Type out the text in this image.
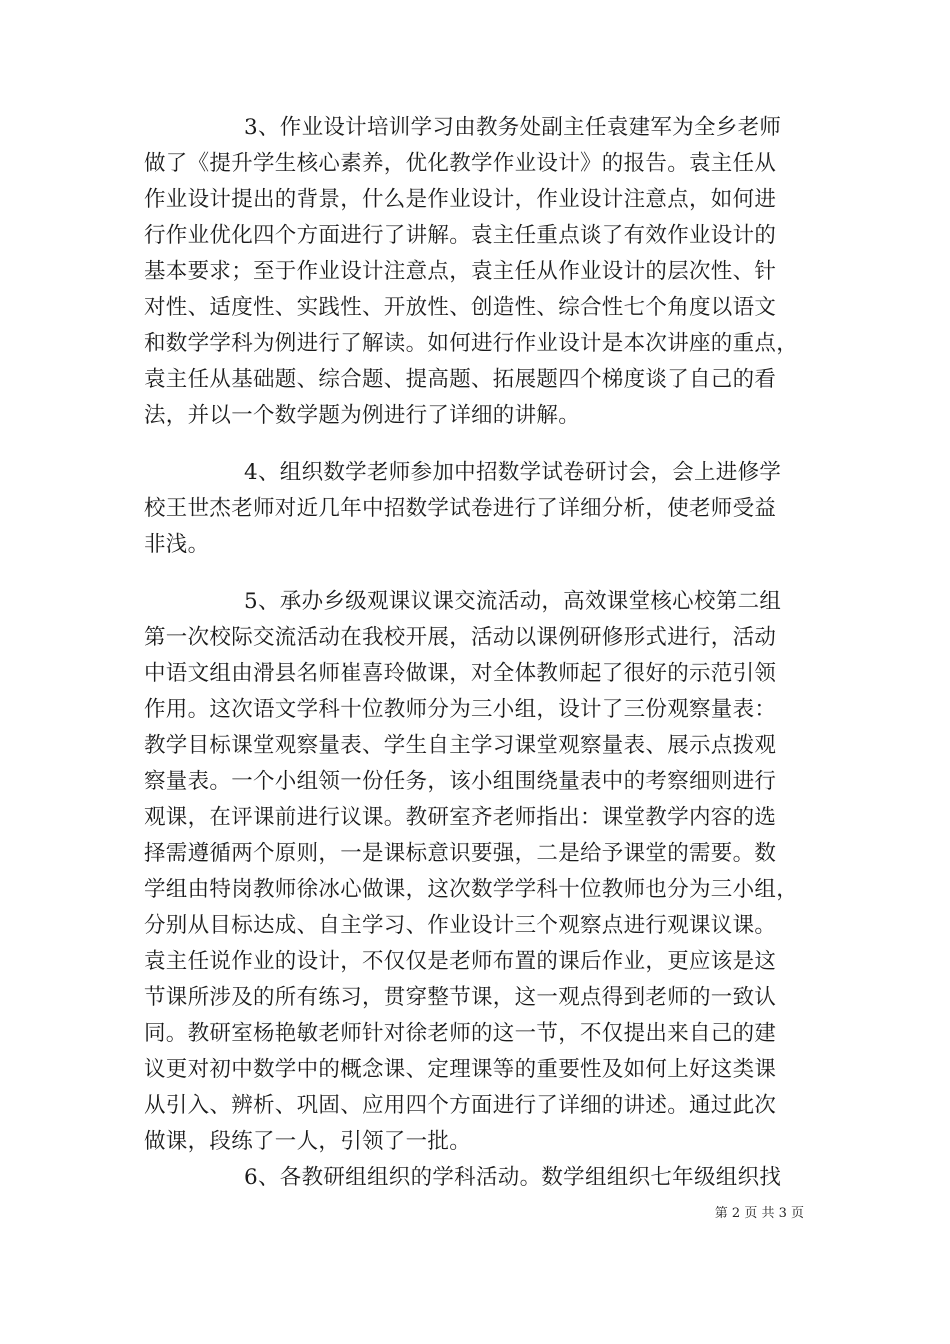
3、作业设计培训学习由教务处副主任袁建军为全乡老师
做了《提升学生核心素养，优化教学作业设计》的报告。袁主任从
作业设计提出的背景，什么是作业设计，作业设计注意点，如何进
行作业优化四个方面进行了讲解。袁主任重点谈了有效作业设计的
基本要求；至于作业设计注意点，袁主任从作业设计的层次性、针
对性、适度性、实践性、开放性、创造性、综合性七个角度以语文
和数学学科为例进行了解读。如何进行作业设计是本次讲座的重点，
袁主任从基础题、综合题、提高题、拓展题四个梯度谈了自己的看
法，并以一个数学题为例进行了详细的讲解。
4、组织数学老师参加中招数学试卷研讨会，会上进修学
校王世杰老师对近几年中招数学试卷进行了详细分析，使老师受益
非浅。
5、承办乡级观课议课交流活动，高效课堂核心校第二组
第一次校际交流活动在我校开展，活动以课例研修形式进行，活动
中语文组由滑县名师崔喜玲做课，对全体教师起了很好的示范引领
作用。这次语文学科十位教师分为三小组，设计了三份观察量表：
教学目标课堂观察量表、学生自主学习课堂观察量表、展示点拨观
察量表。一个小组领一份任务，该小组围绕量表中的考察细则进行
观课，在评课前进行议课。教研室齐老师指出：课堂教学内容的选
择需遵循两个原则，一是课标意识要强，二是给予课堂的需要。数
学组由特岗教师徐冰心做课，这次数学学科十位教师也分为三小组，
分别从目标达成、自主学习、作业设计三个观察点进行观课议课。
袁主任说作业的设计，不仅仅是老师布置的课后作业，更应该是这
节课所涉及的所有练习，贯穿整节课，这一观点得到老师的一致认
同。教研室杨艳敏老师针对徐老师的这一节，不仅提出来自己的建
议更对初中数学中的概念课、定理课等的重要性及如何上好这类课
从引入、辨析、巩固、应用四个方面进行了详细的讲述。通过此次
做课，段练了一人，引领了一批。
6、各教研组组织的学科活动。数学组组织七年级组织找
第 2 页 共 3 页
